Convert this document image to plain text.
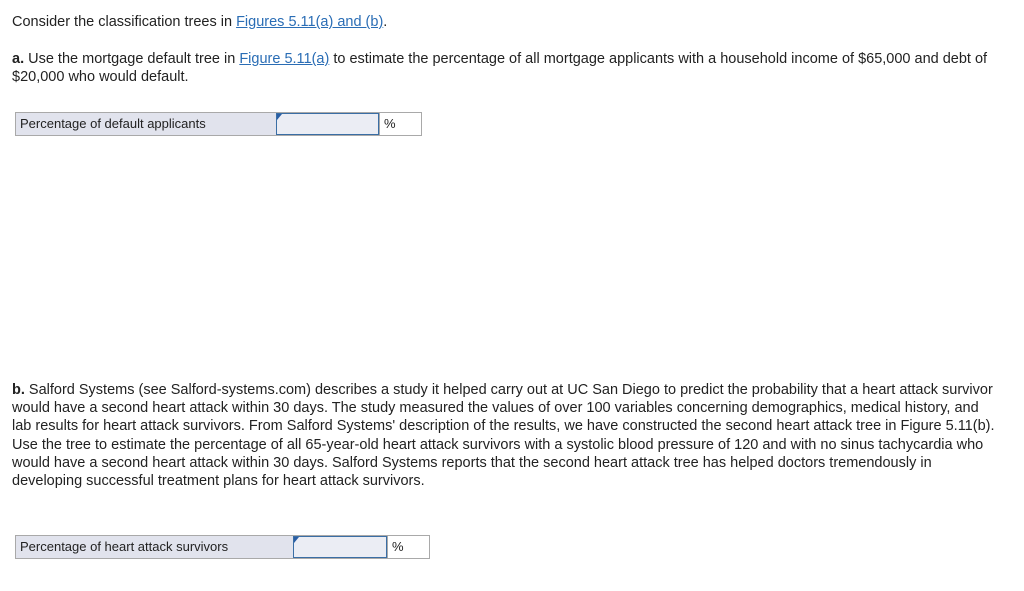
Consider the classification trees in Figures 5.11(a) and (b).
a. Use the mortgage default tree in Figure 5.11(a) to estimate the percentage of all mortgage applicants with a household income of $65,000 and debt of $20,000 who would default.
Percentage of default applicants	%
b. Salford Systems (see Salford-systems.com) describes a study it helped carry out at UC San Diego to predict the probability that a heart attack survivor would have a second heart attack within 30 days. The study measured the values of over 100 variables concerning demographics, medical history, and lab results for heart attack survivors. From Salford Systems' description of the results, we have constructed the second heart attack tree in Figure 5.11(b). Use the tree to estimate the percentage of all 65-year-old heart attack survivors with a systolic blood pressure of 120 and with no sinus tachycardia who would have a second heart attack within 30 days. Salford Systems reports that the second heart attack tree has helped doctors tremendously in developing successful treatment plans for heart attack survivors.
Percentage of heart attack survivors	%
